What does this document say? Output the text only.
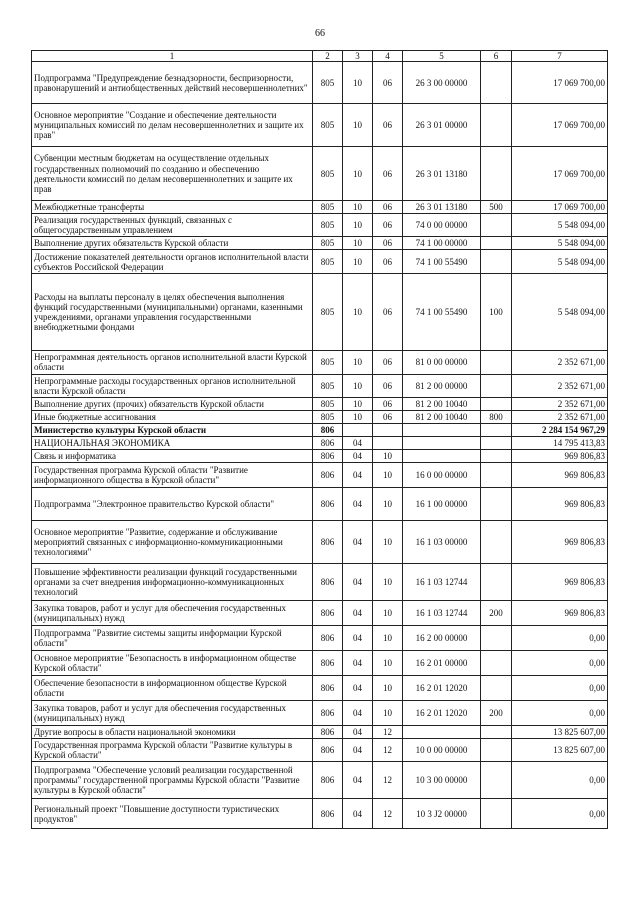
66
1	2	3	4	5	6	7
Подпрограмма "Предупреждение безнадзорности, беспризорности, правонарушений и антиобщественных действий несовершеннолетних"	805	10	06	26 3 00 00000		17 069 700,00
Основное мероприятие "Создание и обеспечение деятельности муниципальных комиссий по делам несовершеннолетних и защите их прав"	805	10	06	26 3 01 00000		17 069 700,00
Субвенции местным бюджетам на осуществление отдельных государственных полномочий по созданию и обеспечению деятельности комиссий по делам несовершеннолетних и защите их прав	805	10	06	26 3 01 13180		17 069 700,00
Межбюджетные трансферты	805	10	06	26 3 01 13180	500	17 069 700,00
Реализация государственных функций, связанных с общегосударственным управлением	805	10	06	74 0 00 00000		5 548 094,00
Выполнение других обязательств Курской области	805	10	06	74 1 00 00000		5 548 094,00
Достижение показателей деятельности органов исполнительной власти субъектов Российской Федерации	805	10	06	74 1 00 55490		5 548 094,00
Расходы на выплаты персоналу в целях обеспечения выполнения функций государственными (муниципальными) органами, казенными учреждениями, органами управления государственными внебюджетными фондами	805	10	06	74 1 00 55490	100	5 548 094,00
Непрограммная деятельность органов исполнительной власти Курской области	805	10	06	81 0 00 00000		2 352 671,00
Непрограммные расходы государственных органов исполнительной власти Курской области	805	10	06	81 2 00 00000		2 352 671,00
Выполнение других (прочих) обязательств Курской области	805	10	06	81 2 00 10040		2 352 671,00
Иные бюджетные ассигнования	805	10	06	81 2 00 10040	800	2 352 671,00
Министерство культуры Курской области	806					2 284 154 967,29
НАЦИОНАЛЬНАЯ ЭКОНОМИКА	806	04				14 795 413,83
Связь и информатика	806	04	10			969 806,83
Государственная программа Курской области "Развитие информационного общества в Курской области"	806	04	10	16 0 00 00000		969 806,83
Подпрограмма "Электронное правительство Курской области"	806	04	10	16 1 00 00000		969 806,83
Основное мероприятие "Развитие, содержание и обслуживание мероприятий связанных с информационно-коммуникационными технологиями"	806	04	10	16 1 03 00000		969 806,83
Повышение эффективности реализации функций государственными органами за счет внедрения информационно-коммуникационных технологий	806	04	10	16 1 03 12744		969 806,83
Закупка товаров, работ и услуг для обеспечения государственных (муниципальных) нужд	806	04	10	16 1 03 12744	200	969 806,83
Подпрограмма "Развитие системы защиты информации Курской области"	806	04	10	16 2 00 00000		0,00
Основное мероприятие "Безопасность в информационном обществе Курской области"	806	04	10	16 2 01 00000		0,00
Обеспечение безопасности в информационном обществе Курской области	806	04	10	16 2 01 12020		0,00
Закупка товаров, работ и услуг для обеспечения государственных (муниципальных) нужд	806	04	10	16 2 01 12020	200	0,00
Другие вопросы в области национальной экономики	806	04	12			13 825 607,00
Государственная программа Курской области "Развитие культуры в Курской области"	806	04	12	10 0 00 00000		13 825 607,00
Подпрограмма "Обеспечение условий реализации государственной программы" государственной программы Курской области "Развитие культуры в Курской области"	806	04	12	10 3 00 00000		0,00
Региональный проект "Повышение доступности туристических продуктов"	806	04	12	10 3 J2 00000		0,00
